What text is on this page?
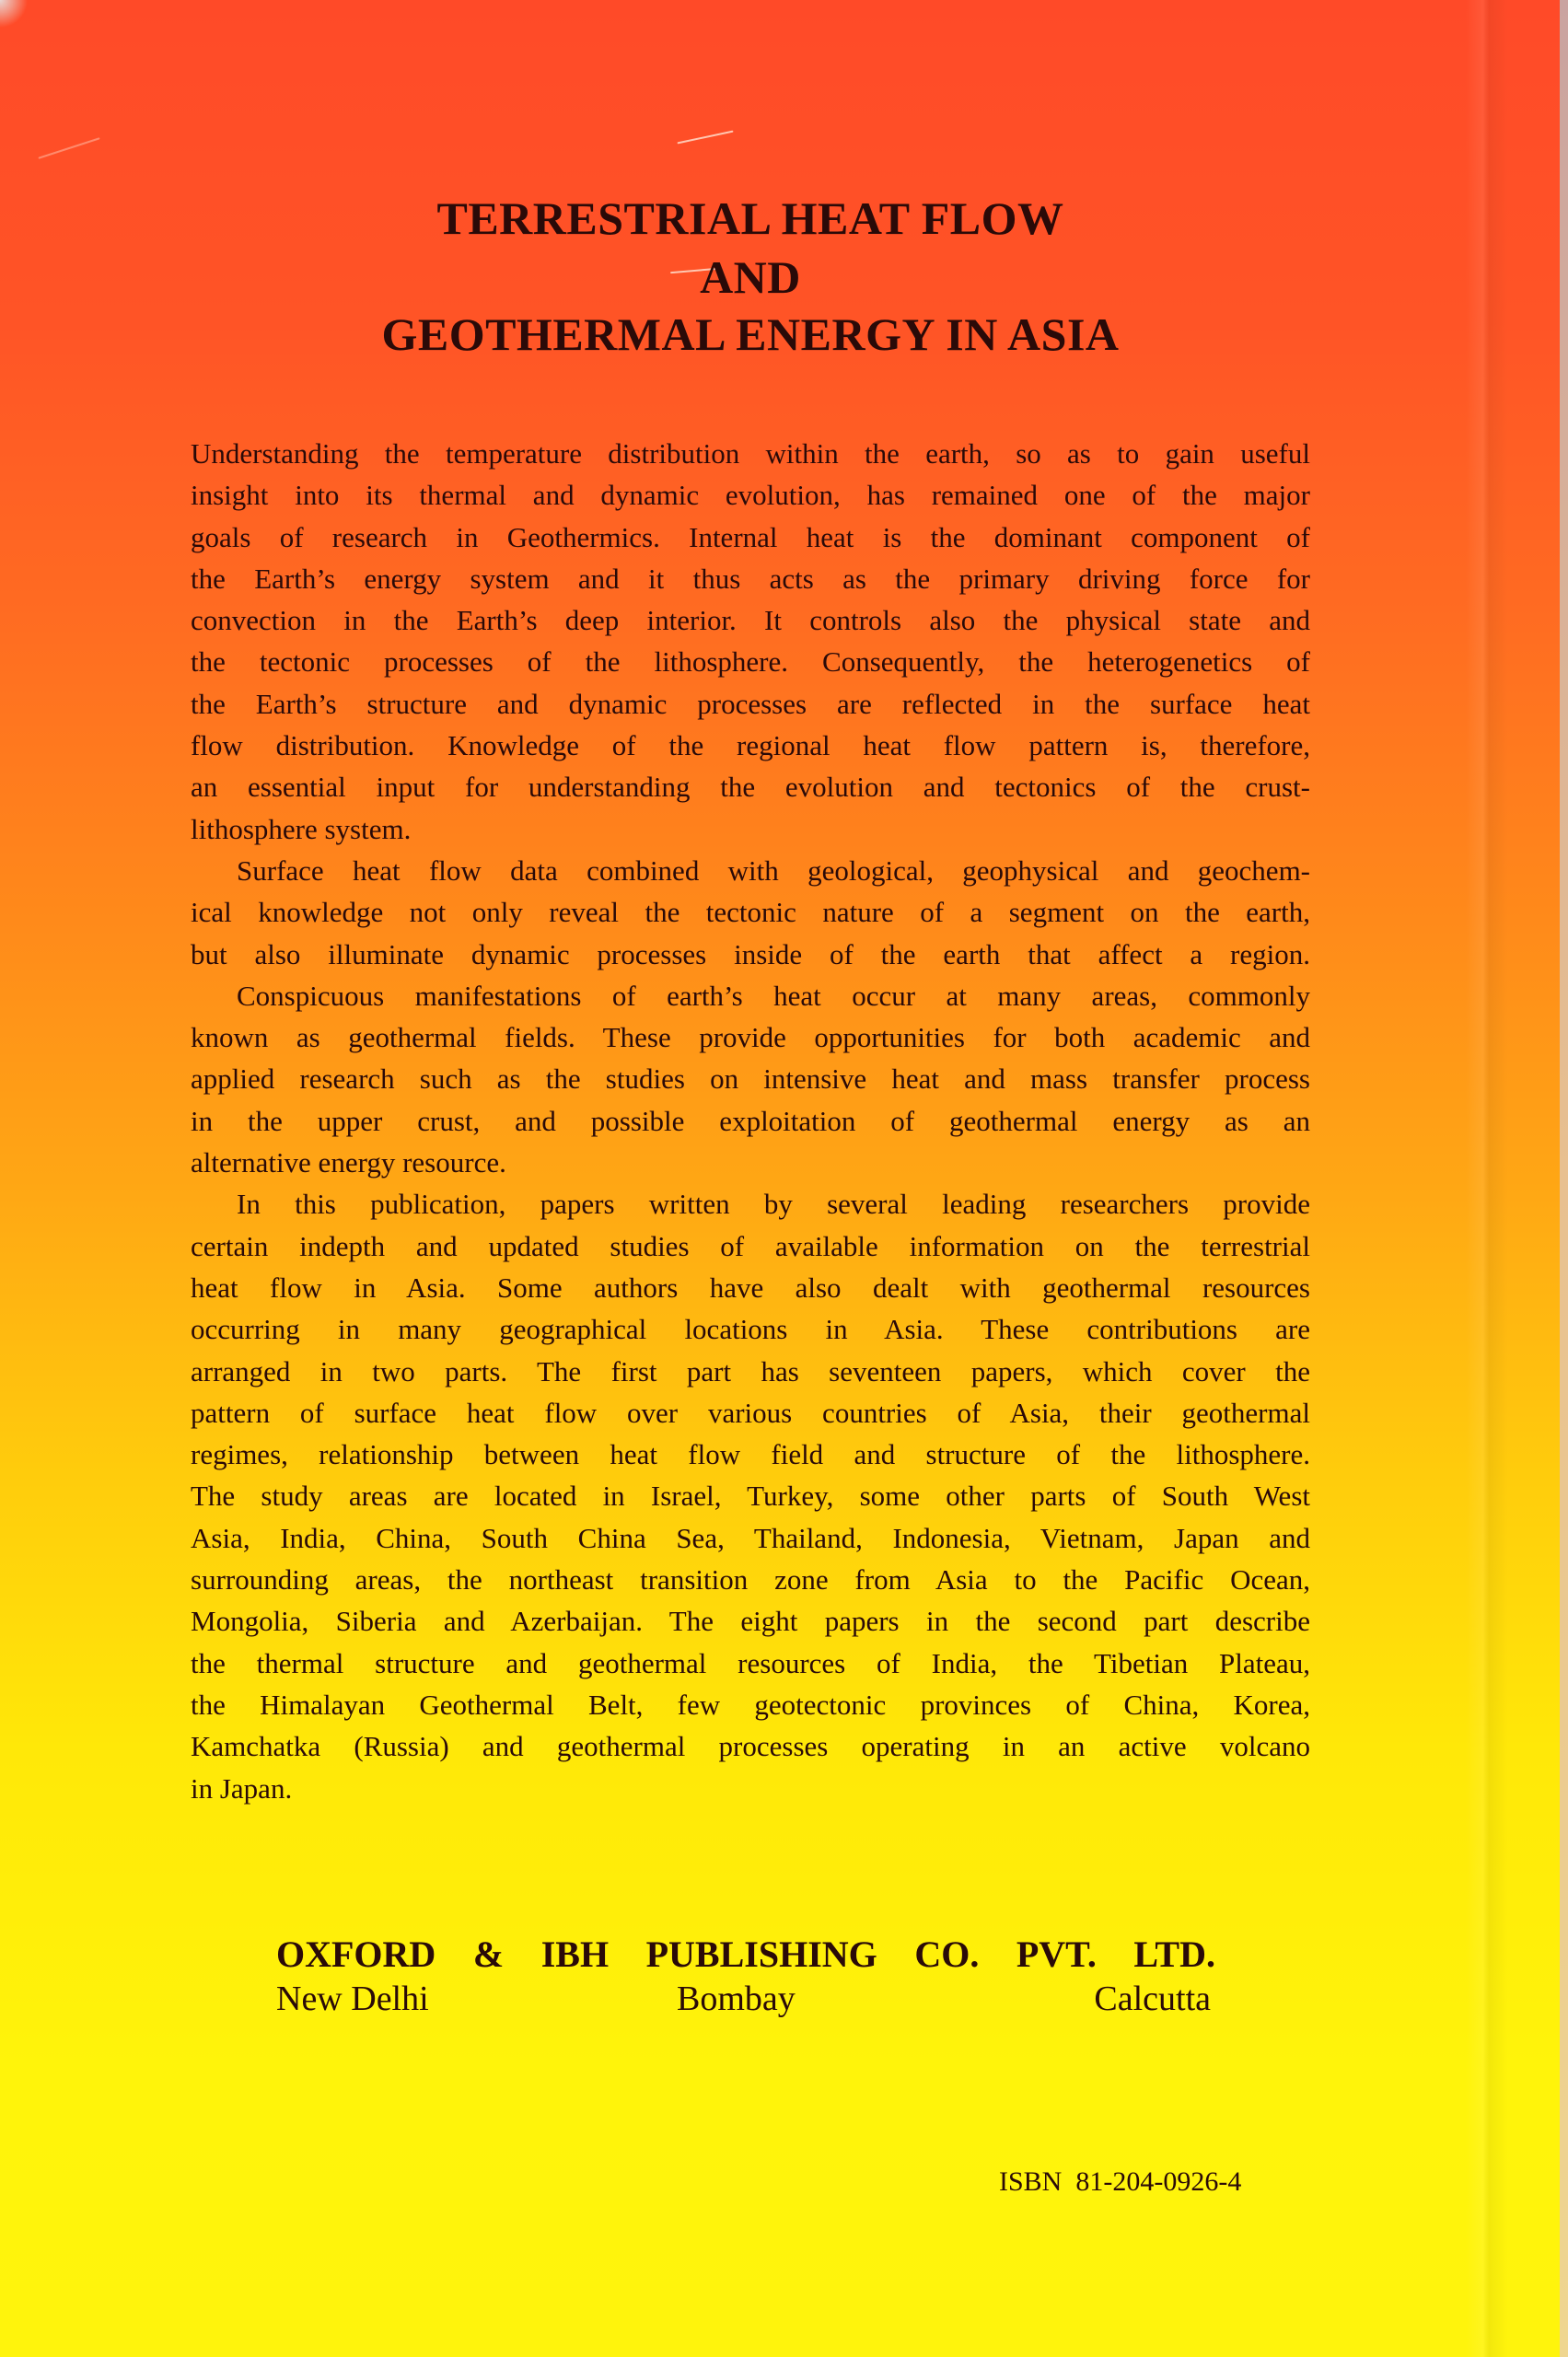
TERRESTRIAL HEAT FLOW
AND
GEOTHERMAL ENERGY IN ASIA
Understanding the temperature distribution within the earth, so as to gain useful
insight into its thermal and dynamic evolution, has remained one of the major
goals of research in Geothermics. Internal heat is the dominant component of
the Earth’s energy system and it thus acts as the primary driving force for
convection in the Earth’s deep interior. It controls also the physical state and
the tectonic processes of the lithosphere. Consequently, the heterogenetics of
the Earth’s structure and dynamic processes are reflected in the surface heat
flow distribution. Knowledge of the regional heat flow pattern is, therefore,
an essential input for understanding the evolution and tectonics of the crust-
lithosphere system.
Surface heat flow data combined with geological, geophysical and geochem-
ical knowledge not only reveal the tectonic nature of a segment on the earth,
but also illuminate dynamic processes inside of the earth that affect a region.
Conspicuous manifestations of earth’s heat occur at many areas, commonly
known as geothermal fields. These provide opportunities for both academic and
applied research such as the studies on intensive heat and mass transfer process
in the upper crust, and possible exploitation of geothermal energy as an
alternative energy resource.
In this publication, papers written by several leading researchers provide
certain indepth and updated studies of available information on the terrestrial
heat flow in Asia. Some authors have also dealt with geothermal resources
occurring in many geographical locations in Asia. These contributions are
arranged in two parts. The first part has seventeen papers, which cover the
pattern of surface heat flow over various countries of Asia, their geothermal
regimes, relationship between heat flow field and structure of the lithosphere.
The study areas are located in Israel, Turkey, some other parts of South West
Asia, India, China, South China Sea, Thailand, Indonesia, Vietnam, Japan and
surrounding areas, the northeast transition zone from Asia to the Pacific Ocean,
Mongolia, Siberia and Azerbaijan. The eight papers in the second part describe
the thermal structure and geothermal resources of India, the Tibetian Plateau,
the Himalayan Geothermal Belt, few geotectonic provinces of China, Korea,
Kamchatka (Russia) and geothermal processes operating in an active volcano
in Japan.
OXFORD & IBH PUBLISHING CO. PVT. LTD.
New Delhi	Bombay	Calcutta
ISBN  81-204-0926-4
